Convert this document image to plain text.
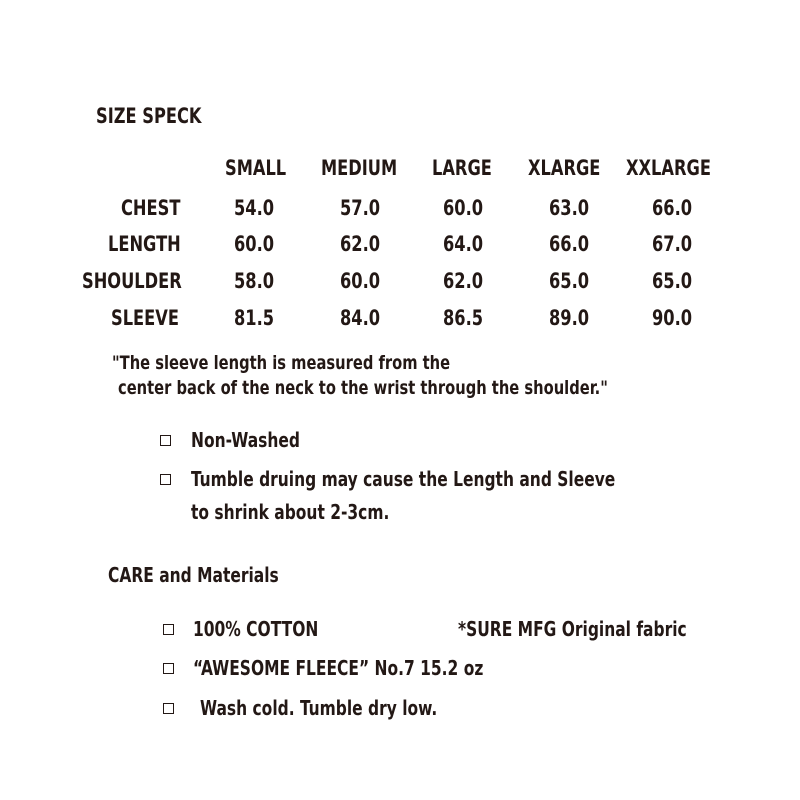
SIZE SPECK
SMALL MEDIUM LARGE XLARGE XXLARGE
CHEST	54.0	57.0	60.0	63.0	66.0
LENGTH	60.0	62.0	64.0	66.0	67.0
SHOULDER 58.0	60.0	62.0	65.0	65.0
SLEEVE	81.5	84.0	86.5	89.0	90.0
"The sleeve length is measured from the
center back of the neck to the wrist through the shoulder."
Non-Washed
Tumble druing may cause the Length and Sleeve
to shrink about 2-3cm.
CARE and Materials
100% COTTON	*SURE MFG Original fabric
“AWESOME FLEECE” No.7 15.2 oz
Wash cold. Tumble dry low.
